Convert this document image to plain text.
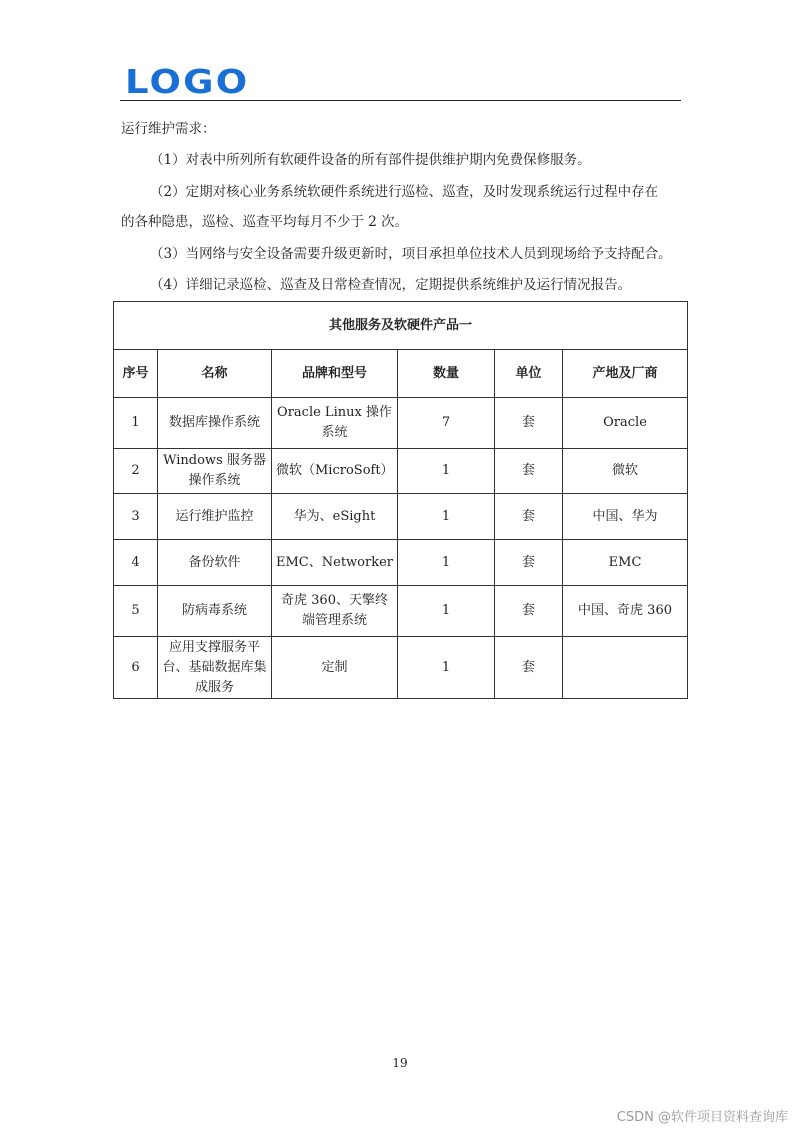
LOGO
运行维护需求：
（1）对表中所列所有软硬件设备的所有部件提供维护期内免费保修服务。
（2）定期对核心业务系统软硬件系统进行巡检、巡查，及时发现系统运行过程中存在
的各种隐患，巡检、巡查平均每月不少于 2 次。
（3）当网络与安全设备需要升级更新时，项目承担单位技术人员到现场给予支持配合。
（4）详细记录巡检、巡查及日常检查情况，定期提供系统维护及运行情况报告。
其他服务及软硬件产品一					
序号	名称	品牌和型号	数量	单位	产地及厂商
1	数据库操作系统	Oracle Linux 操作系统	7	套	Oracle
2	Windows 服务器操作系统	微软（MicroSoft）	1	套	微软
3	运行维护监控	华为、eSight	1	套	中国、华为
4	备份软件	EMC、Networker	1	套	EMC
5	防病毒系统	奇虎 360、天擎终端管理系统	1	套	中国、奇虎 360
6	应用支撑服务平台、基础数据库集成服务	定制	1	套	
19
CSDN @软件项目资料查询库
